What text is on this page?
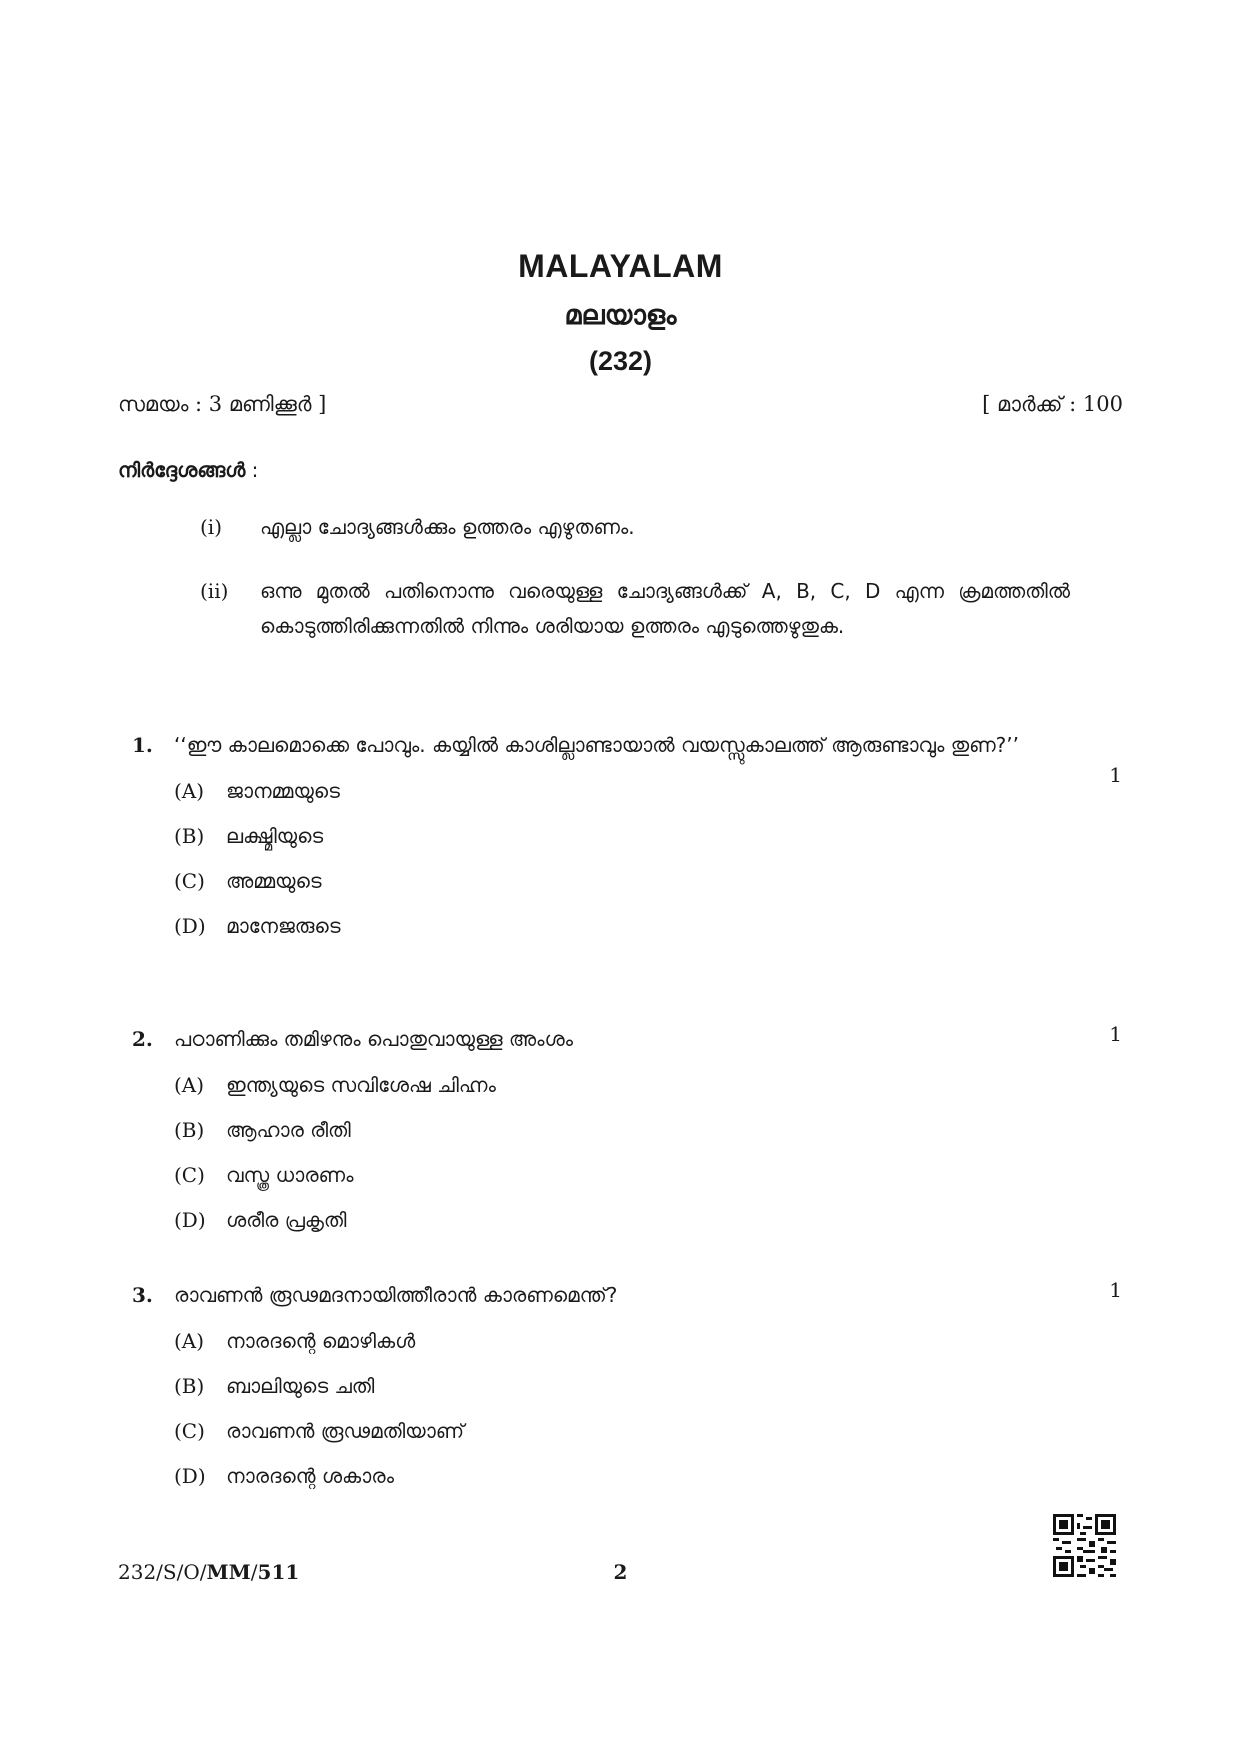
MALAYALAM
മലയാളം
(232)
സമയം : 3 മണിക്കൂർ ]	[ മാർക്ക് : 100
നിർദ്ദേശങ്ങൾ :
(i)	എല്ലാ ചോദ്യങ്ങൾക്കും ഉത്തരം എഴുതണം.
(ii)	ഒന്നു മുതൽ പതിനൊന്നു വരെയുള്ള ചോദ്യങ്ങൾക്ക് A, B, C, D എന്ന ക്രമത്തതിൽ കൊടുത്തിരിക്കുന്നതിൽ നിന്നും ശരിയായ ഉത്തരം എടുത്തെഴുതുക.
1.	‘‘ഈ കാലമൊക്കെ പോവും. കയ്യിൽ കാശില്ലാണ്ടായാൽ വയസ്സുകാലത്ത് ആരുണ്ടാവും തുണ?’’
1
(A)	ജാനമ്മയുടെ
(B)	ലക്ഷ്മിയുടെ
(C)	അമ്മയുടെ
(D)	മാനേജരുടെ
2.	പഠാണിക്കും തമിഴനും പൊതുവായുള്ള അംശം	1
(A)	ഇന്ത്യയുടെ സവിശേഷ ചിഹ്നം
(B)	ആഹാര രീതി
(C)	വസ്ത്ര ധാരണം
(D)	ശരീര പ്രകൃതി
3.	രാവണൻ രൂഢമദനായിത്തീരാൻ കാരണമെന്ത്?	1
(A)	നാരദന്റെ മൊഴികൾ
(B)	ബാലിയുടെ ചതി
(C)	രാവണൻ രൂഢമതിയാണ്
(D)	നാരദന്റെ ശകാരം
232/S/O/MM/511	2
